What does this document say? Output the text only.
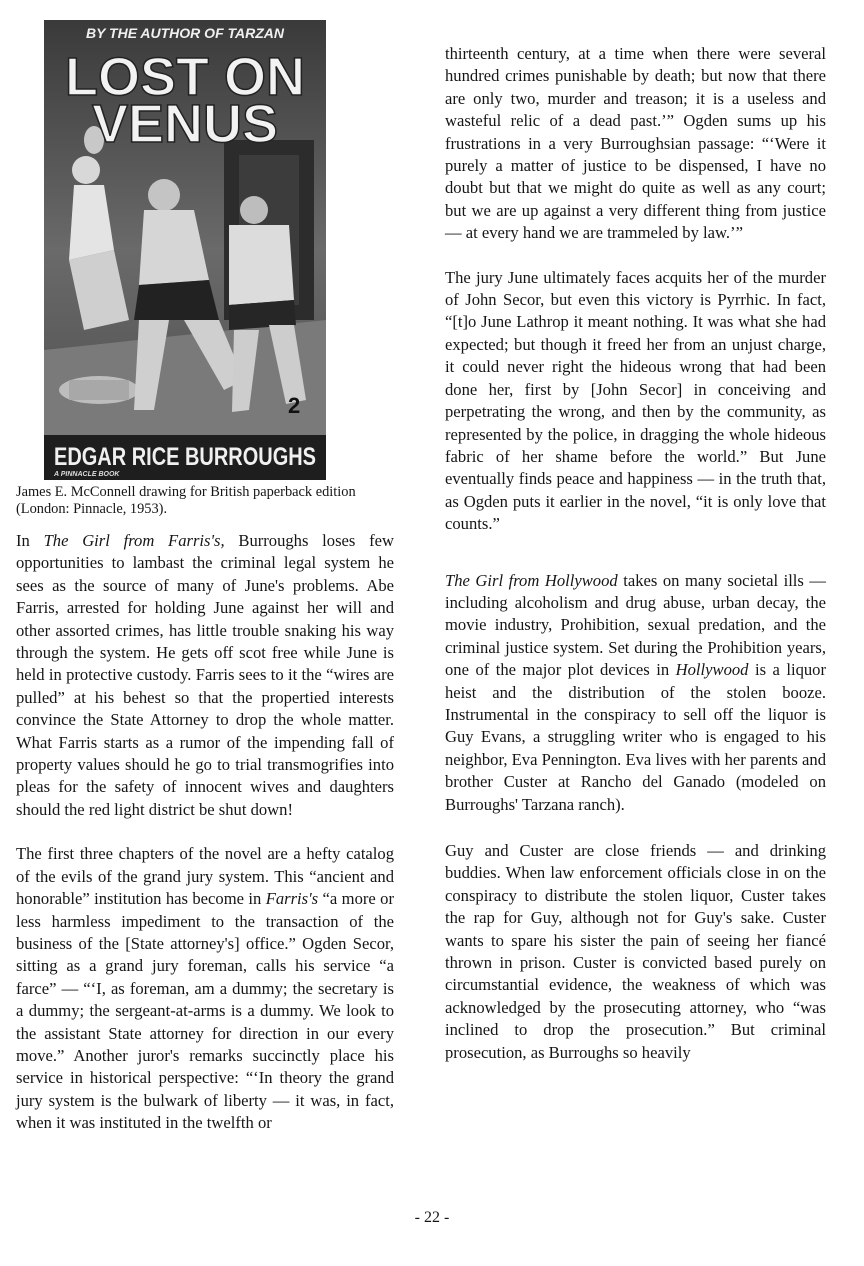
2
BY THE AUTHOR OF TARZAN
LOST ON
VENUS
EDGAR RICE BURROUGHS
A PINNACLE BOOK

James E. McConnell drawing for British paperback edition (London: Pinnacle, 1953).

In The Girl from Farris's, Burroughs loses few opportunities to lambast the criminal legal system he sees as the source of many of June's problems. Abe Farris, arrested for holding June against her will and other assorted crimes, has little trouble snaking his way through the system. He gets off scot free while June is held in protective custody. Farris sees to it the “wires are pulled” at his behest so that the propertied interests convince the State Attorney to drop the whole matter. What Farris starts as a rumor of the impending fall of property values should he go to trial transmogrifies into pleas for the safety of innocent wives and daughters should the red light district be shut down!

The first three chapters of the novel are a hefty catalog of the evils of the grand jury system. This “ancient and honorable” institution has become in Farris's “a more or less harmless impediment to the transaction of the business of the [State attorney's] office.” Ogden Secor, sitting as a grand jury foreman, calls his service “a farce” — “‘I, as foreman, am a dummy; the secretary is a dummy; the sergeant-at-arms is a dummy. We look to the assistant State attorney for direction in our every move.” Another juror's remarks succinctly place his service in historical perspective: “‘In theory the grand jury system is the bulwark of liberty — it was, in fact, when it was instituted in the twelfth or

thirteenth century, at a time when there were several hundred crimes punishable by death; but now that there are only two, murder and treason; it is a useless and wasteful relic of a dead past.’” Ogden sums up his frustrations in a very Burroughsian passage: “‘Were it purely a matter of justice to be dispensed, I have no doubt but that we might do quite as well as any court; but we are up against a very different thing from justice — at every hand we are trammeled by law.’”

The jury June ultimately faces acquits her of the murder of John Secor, but even this victory is Pyrrhic. In fact, “[t]o June Lathrop it meant nothing. It was what she had expected; but though it freed her from an unjust charge, it could never right the hideous wrong that had been done her, first by [John Secor] in conceiving and perpetrating the wrong, and then by the community, as represented by the police, in dragging the whole hideous fabric of her shame before the world.” But June eventually finds peace and happiness — in the truth that, as Ogden puts it earlier in the novel, “it is only love that counts.”

The Girl from Hollywood takes on many societal ills — including alcoholism and drug abuse, urban decay, the movie industry, Prohibition, sexual predation, and the criminal justice system. Set during the Prohibition years, one of the major plot devices in Hollywood is a liquor heist and the distribution of the stolen booze. Instrumental in the conspiracy to sell off the liquor is Guy Evans, a struggling writer who is engaged to his neighbor, Eva Pennington. Eva lives with her parents and brother Custer at Rancho del Ganado (modeled on Burroughs' Tarzana ranch).

Guy and Custer are close friends — and drinking buddies. When law enforcement officials close in on the conspiracy to distribute the stolen liquor, Custer takes the rap for Guy, although not for Guy's sake. Custer wants to spare his sister the pain of seeing her fiancé thrown in prison. Custer is convicted based purely on circumstantial evidence, the weakness of which was acknowledged by the prosecuting attorney, who “was inclined to drop the prosecution.” But criminal prosecution, as Burroughs so heavily

- 22 -
